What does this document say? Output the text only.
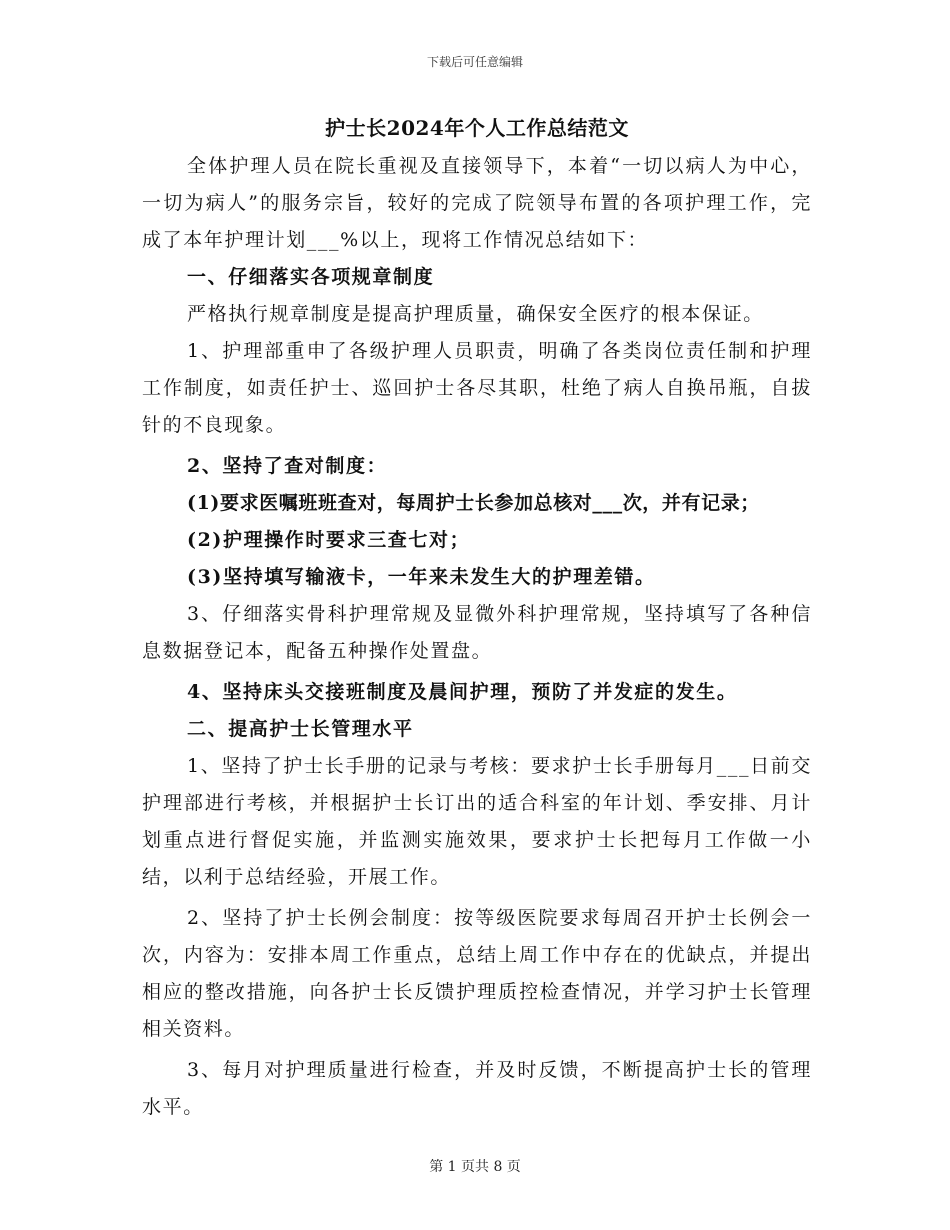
下载后可任意编辑
护士长2024年个人工作总结范文

全体护理人员在院长重视及直接领导下，本着“一切以病人为中心，一切为病人”的服务宗旨，较好的完成了院领导布置的各项护理工作，完成了本年护理计划___%以上，现将工作情况总结如下：

一、仔细落实各项规章制度

严格执行规章制度是提高护理质量，确保安全医疗的根本保证。

1、护理部重申了各级护理人员职责，明确了各类岗位责任制和护理工作制度，如责任护士、巡回护士各尽其职，杜绝了病人自换吊瓶，自拔针的不良现象。

2、坚持了查对制度：

(1)要求医嘱班班查对，每周护士长参加总核对___次，并有记录；

(2)护理操作时要求三查七对；

(3)坚持填写输液卡，一年来未发生大的护理差错。

3、仔细落实骨科护理常规及显微外科护理常规，坚持填写了各种信息数据登记本，配备五种操作处置盘。

4、坚持床头交接班制度及晨间护理，预防了并发症的发生。

二、提高护士长管理水平

1、坚持了护士长手册的记录与考核：要求护士长手册每月___日前交护理部进行考核，并根据护士长订出的适合科室的年计划、季安排、月计划重点进行督促实施，并监测实施效果，要求护士长把每月工作做一小结，以利于总结经验，开展工作。

2、坚持了护士长例会制度：按等级医院要求每周召开护士长例会一次，内容为：安排本周工作重点，总结上周工作中存在的优缺点，并提出相应的整改措施，向各护士长反馈护理质控检查情况，并学习护士长管理相关资料。

3、每月对护理质量进行检查，并及时反馈，不断提高护士长的管理水平。

第 1 页共 8 页
